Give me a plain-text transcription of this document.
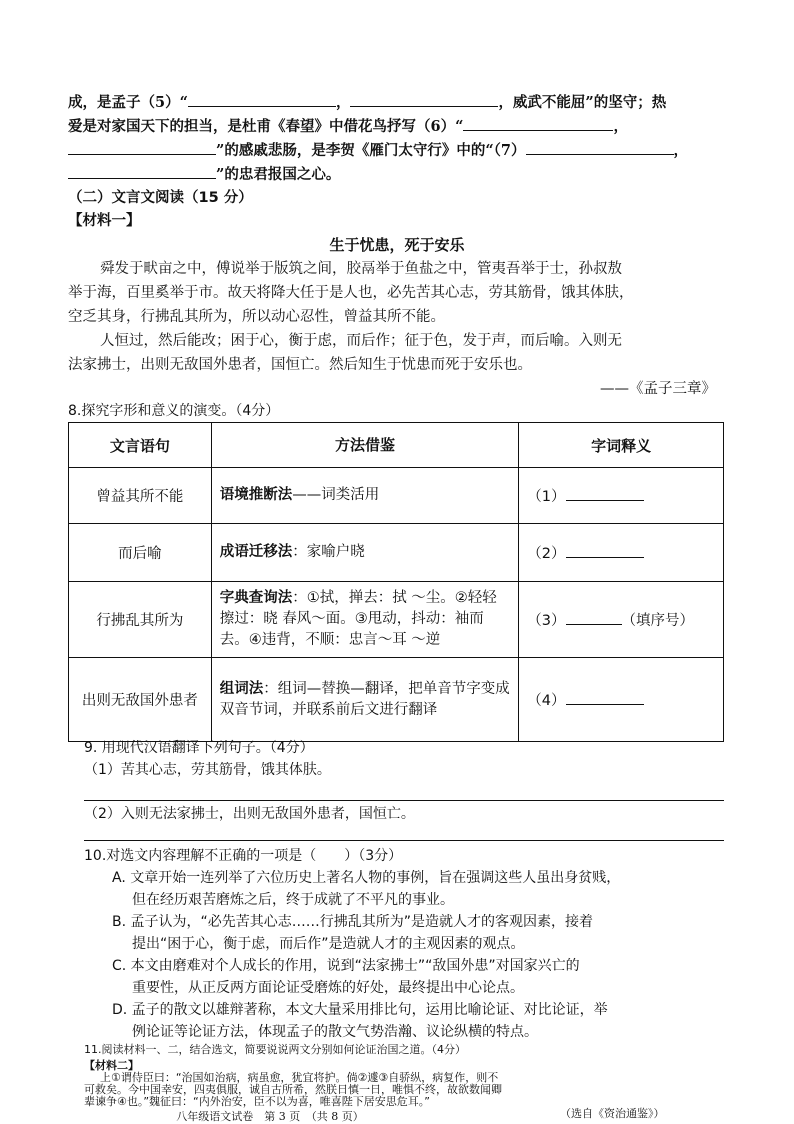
成，是孟子（5）“	，	，威武不能屈”的坚守；热
爱是对家国天下的担当，是杜甫《春望》中借花鸟抒写（6）“	，
”的感戚悲肠，是李贺《雁门太守行》中的“（7）	，
”的忠君报国之心。
（二）文言文阅读（15 分）
【材料一】
生于忧患，死于安乐
舜发于畎亩之中，傅说举于版筑之间，胶鬲举于鱼盐之中，管夷吾举于士，孙叔敖
举于海，百里奚举于市。故天将降大任于是人也，必先苦其心志，劳其筋骨，饿其体肤，
空乏其身，行拂乱其所为，所以动心忍性，曾益其所不能。
人恒过，然后能改；困于心，衡于虑，而后作；征于色，发于声，而后喻。入则无
法家拂士，出则无敌国外患者，国恒亡。然后知生于忧患而死于安乐也。
——《孟子三章》
8.探究字形和意义的演变。（4分）
文言语句	方法借鉴	字词释义
曾益其所不能	语境推断法——词类活用	（1）
而后喻	成语迁移法：家喻户晓	（2）
行拂乱其所为	字典查询法：①拭，掸去：拭 ～尘。②轻轻擦过：晓 春风～面。③甩动，抖动：袖而去。④违背，不顺：忠言～耳 ～逆	（3） （填序号）
出则无敌国外患者	组词法：组词—替换—翻译，把单音节字变成双音节词，并联系前后文进行翻译	（4）
9. 用现代汉语翻译下列句子。（4分）
（1）苦其心志，劳其筋骨，饿其体肤。
（2）入则无法家拂士，出则无敌国外患者，国恒亡。
10.对选文内容理解不正确的一项是（　　）（3分）
A. 文章开始一连列举了六位历史上著名人物的事例，旨在强调这些人虽出身贫贱，
但在经历艰苦磨炼之后，终于成就了不平凡的事业。
B. 孟子认为，“必先苦其心志……行拂乱其所为”是造就人才的客观因素，接着
提出“困于心，衡于虑，而后作”是造就人才的主观因素的观点。
C. 本文由磨难对个人成长的作用，说到“法家拂士”“敌国外患”对国家兴亡的
重要性，从正反两方面论证受磨炼的好处，最终提出中心论点。
D. 孟子的散文以雄辩著称，本文大量采用排比句，运用比喻论证、对比论证，举
例论证等论证方法，体现孟子的散文气势浩瀚、议论纵横的特点。
八年级语文试卷　第 3 页　（共 8 页）
11.阅读材料一、二，结合选文，简要说说两文分别如何论证治国之道。（4分）
【材料二】
上①谓侍臣曰：“治国如治病，病虽愈，犹宜将护。倘②遽③自骄纵，病复作，则不
可救矣。今中国幸安，四夷俱服，诚自古所希，然朕日慎一日，唯惧不终，故欲数闻卿
辈谏争④也。”魏征曰：“内外治安，臣不以为喜，唯喜陛下居安思危耳。”
（选自《资治通鉴》）
